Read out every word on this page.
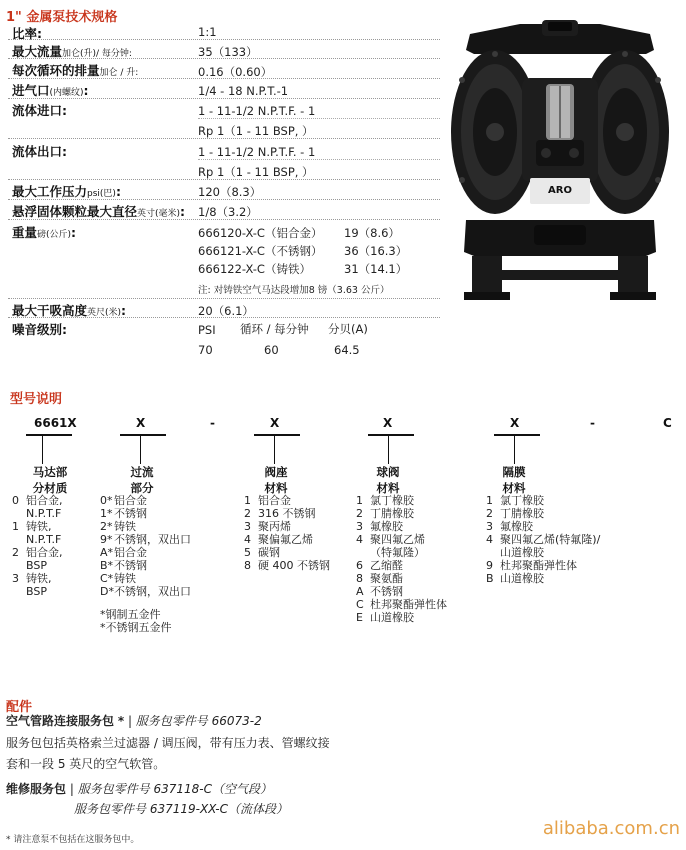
1" 金属泵技术规格
比率:	1:1
最大流量加仑(升)/ 每分钟:	35（133）
每次循环的排量加仑 / 升:	0.16（0.60）
进气口(内螺纹):	1/4 - 18 N.P.T.-1
流体进口:	1 - 11-1/2 N.P.T.F. - 1
Rp 1（1 - 11 BSP, ）
流体出口:	1 - 11-1/2 N.P.T.F. - 1
Rp 1（1 - 11 BSP, ）
最大工作压力psi(巴):	120（8.3）
悬浮固体颗粒最大直径英寸(毫米): 1/8（3.2）
重量磅(公斤):	666120-X-C（铝合金） 19（8.6）
666121-X-C（不锈钢） 36（16.3）
666122-X-C（铸铁）	31（14.1）
注: 对铸铁空气马达段增加8 镑（3.63 公斤）
最大干吸高度英尺(米):	20（6.1）
噪音级别:	PSI 循环 / 每分钟 分贝(A)
70	60	64.5
ARO
型号说明
6661X	X	-	X	X	X	-	C
马达部
分材质
过流
部分
阀座
材料
球阀
材料
隔膜
材料
0 铝合金,
N.P.T.F
1 铸铁,
N.P.T.F
2 铝合金,
BSP
3 铸铁,
BSP
0* 铝合金
1* 不锈钢
2* 铸铁
9* 不锈钢，双出口
A*铝合金
B*不锈钢
C*铸铁
D*不锈钢，双出口
*钢制五金件
*不锈钢五金件
1 铝合金
2 316 不锈钢
3 聚丙烯
4 聚偏氟乙烯
5 碳钢
8 硬 400 不锈钢
1 氯丁橡胶
2 丁腈橡胶
3 氟橡胶
4 聚四氟乙烯
（特氟隆）
6 乙缩醛
8 聚氨酯
A 不锈钢
C 杜邦聚酯弹性体
E 山道橡胶
1 氯丁橡胶
2 丁腈橡胶
3 氟橡胶
4 聚四氟乙烯(特氟隆)/
山道橡胶
9 杜邦聚酯弹性体
B 山道橡胶
配件
空气管路连接服务包 * | 服务包零件号 66073-2
服务包包括英格索兰过滤器 / 调压阀，带有压力表、管螺纹接
套和一段 5 英尺的空气软管。
维修服务包 | 服务包零件号 637118-C（空气段）
服务包零件号 637119-XX-C（流体段）
* 请注意泵不包括在这服务包中。
alibaba.com.cn
